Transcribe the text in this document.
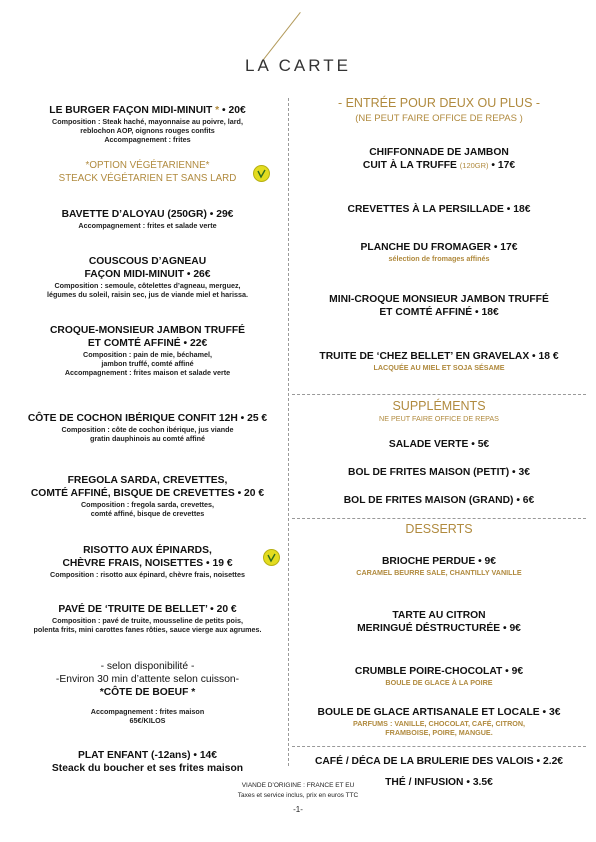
LA CARTE
LE BURGER FAÇON MIDI-MINUIT * • 20€
Composition : Steak haché, mayonnaise au poivre, lard,
reblochon AOP, oignons rouges confits
Accompagnement : frites
*OPTION VÉGÉTARIENNE*
STEACK VÉGÉTARIEN ET SANS LARD
BAVETTE D’ALOYAU (250GR) • 29€
Accompagnement : frites et salade verte
COUSCOUS D’AGNEAU
FAÇON MIDI-MINUIT • 26€
Composition : semoule, côtelettes d’agneau, merguez,
légumes du soleil, raisin sec, jus de viande miel et harissa.
CROQUE-MONSIEUR JAMBON TRUFFÉ
ET COMTÉ AFFINÉ • 22€
Composition : pain de mie, béchamel,
jambon truffé, comté affiné
Accompagnement : frites maison et salade verte
CÔTE DE COCHON IBÉRIQUE CONFIT 12H • 25 €
Composition : côte de cochon ibérique, jus viande
gratin dauphinois au comté affiné
FREGOLA SARDA, CREVETTES,
COMTÉ AFFINÉ, BISQUE DE CREVETTES • 20 €
Composition : fregola sarda, crevettes,
comté affiné, bisque de crevettes
RISOTTO AUX ÉPINARDS,
CHÈVRE FRAIS, NOISETTES • 19 €
Composition : risotto aux épinard, chèvre frais, noisettes
PAVÉ DE ‘TRUITE DE BELLET’ • 20 €
Composition : pavé de truite, mousseline de petits pois,
polenta frits, mini carottes fanes rôties, sauce vierge aux agrumes.
- selon disponibilité -
-Environ 30 min d’attente selon cuisson-
*CÔTE DE BOEUF *
Accompagnement : frites maison
65€/KILOS
PLAT ENFANT (-12ans) • 14€
Steack du boucher et ses frites maison
- ENTRÉE POUR DEUX OU PLUS -
(NE PEUT FAIRE OFFICE DE REPAS )
CHIFFONNADE DE JAMBON
CUIT À LA TRUFFE (120GR) • 17€
CREVETTES À LA PERSILLADE • 18€
PLANCHE DU FROMAGER • 17€
sélection de fromages affinés
MINI-CROQUE MONSIEUR JAMBON TRUFFÉ
ET COMTÉ AFFINÉ • 18€
TRUITE DE ‘CHEZ BELLET’ EN GRAVELAX • 18 €
LACQUÉE AU MIEL ET SOJA SÉSAME
SUPPLÉMENTS
NE PEUT FAIRE OFFICE DE REPAS
SALADE VERTE • 5€
BOL DE FRITES MAISON (PETIT) • 3€
BOL DE FRITES MAISON (GRAND) • 6€
DESSERTS
BRIOCHE PERDUE • 9€
CARAMEL BEURRE SALE, CHANTILLY VANILLE
TARTE AU CITRON
MERINGUÉ DÉSTRUCTURÉE • 9€
CRUMBLE POIRE-CHOCOLAT • 9€
BOULE DE GLACE À LA POIRE
BOULE DE GLACE ARTISANALE ET LOCALE • 3€
PARFUMS : VANILLE, CHOCOLAT, CAFÉ, CITRON,
FRAMBOISE, POIRE, MANGUE.
CAFÉ / DÉCA DE LA BRULERIE DES VALOIS • 2.2€
THÉ / INFUSION • 3.5€
VIANDE D’ORIGINE : FRANCE ET EU
Taxes et service inclus, prix en euros TTC
-1-
